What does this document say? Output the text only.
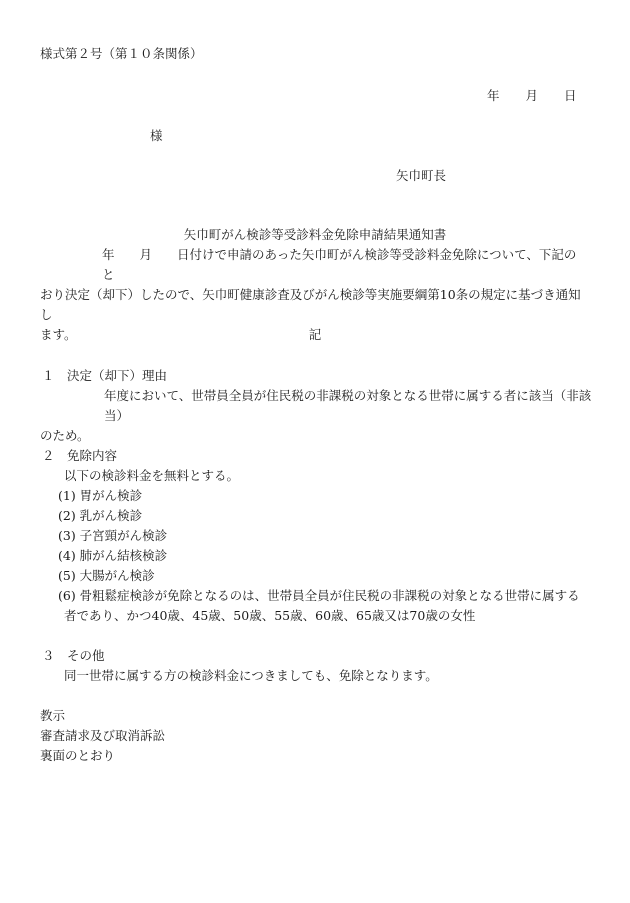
様式第２号（第１０条関係）
年 月 日
様
矢巾町長
矢巾町がん検診等受診料金免除申請結果通知書

年　　月　　日付けで申請のあった矢巾町がん検診等受診料金免除について、下記のと

おり決定（却下）したので、矢巾町健康診査及びがん検診等実施要綱第10条の規定に基づき通知し

ます。	記

１　決定（却下）理由

年度において、世帯員全員が住民税の非課税の対象となる世帯に属する者に該当（非該当）

のため。

２　免除内容

以下の検診料金を無料とする。

(1) 胃がん検診

(2) 乳がん検診

(3) 子宮頸がん検診

(4) 肺がん結核検診

(5) 大腸がん検診

(6) 骨粗鬆症検診が免除となるのは、世帯員全員が住民税の非課税の対象となる世帯に属する

者であり、かつ40歳、45歳、50歳、55歳、60歳、65歳又は70歳の女性

３　その他

同一世帯に属する方の検診料金につきましても、免除となります。

教示

審査請求及び取消訴訟

裏面のとおり
